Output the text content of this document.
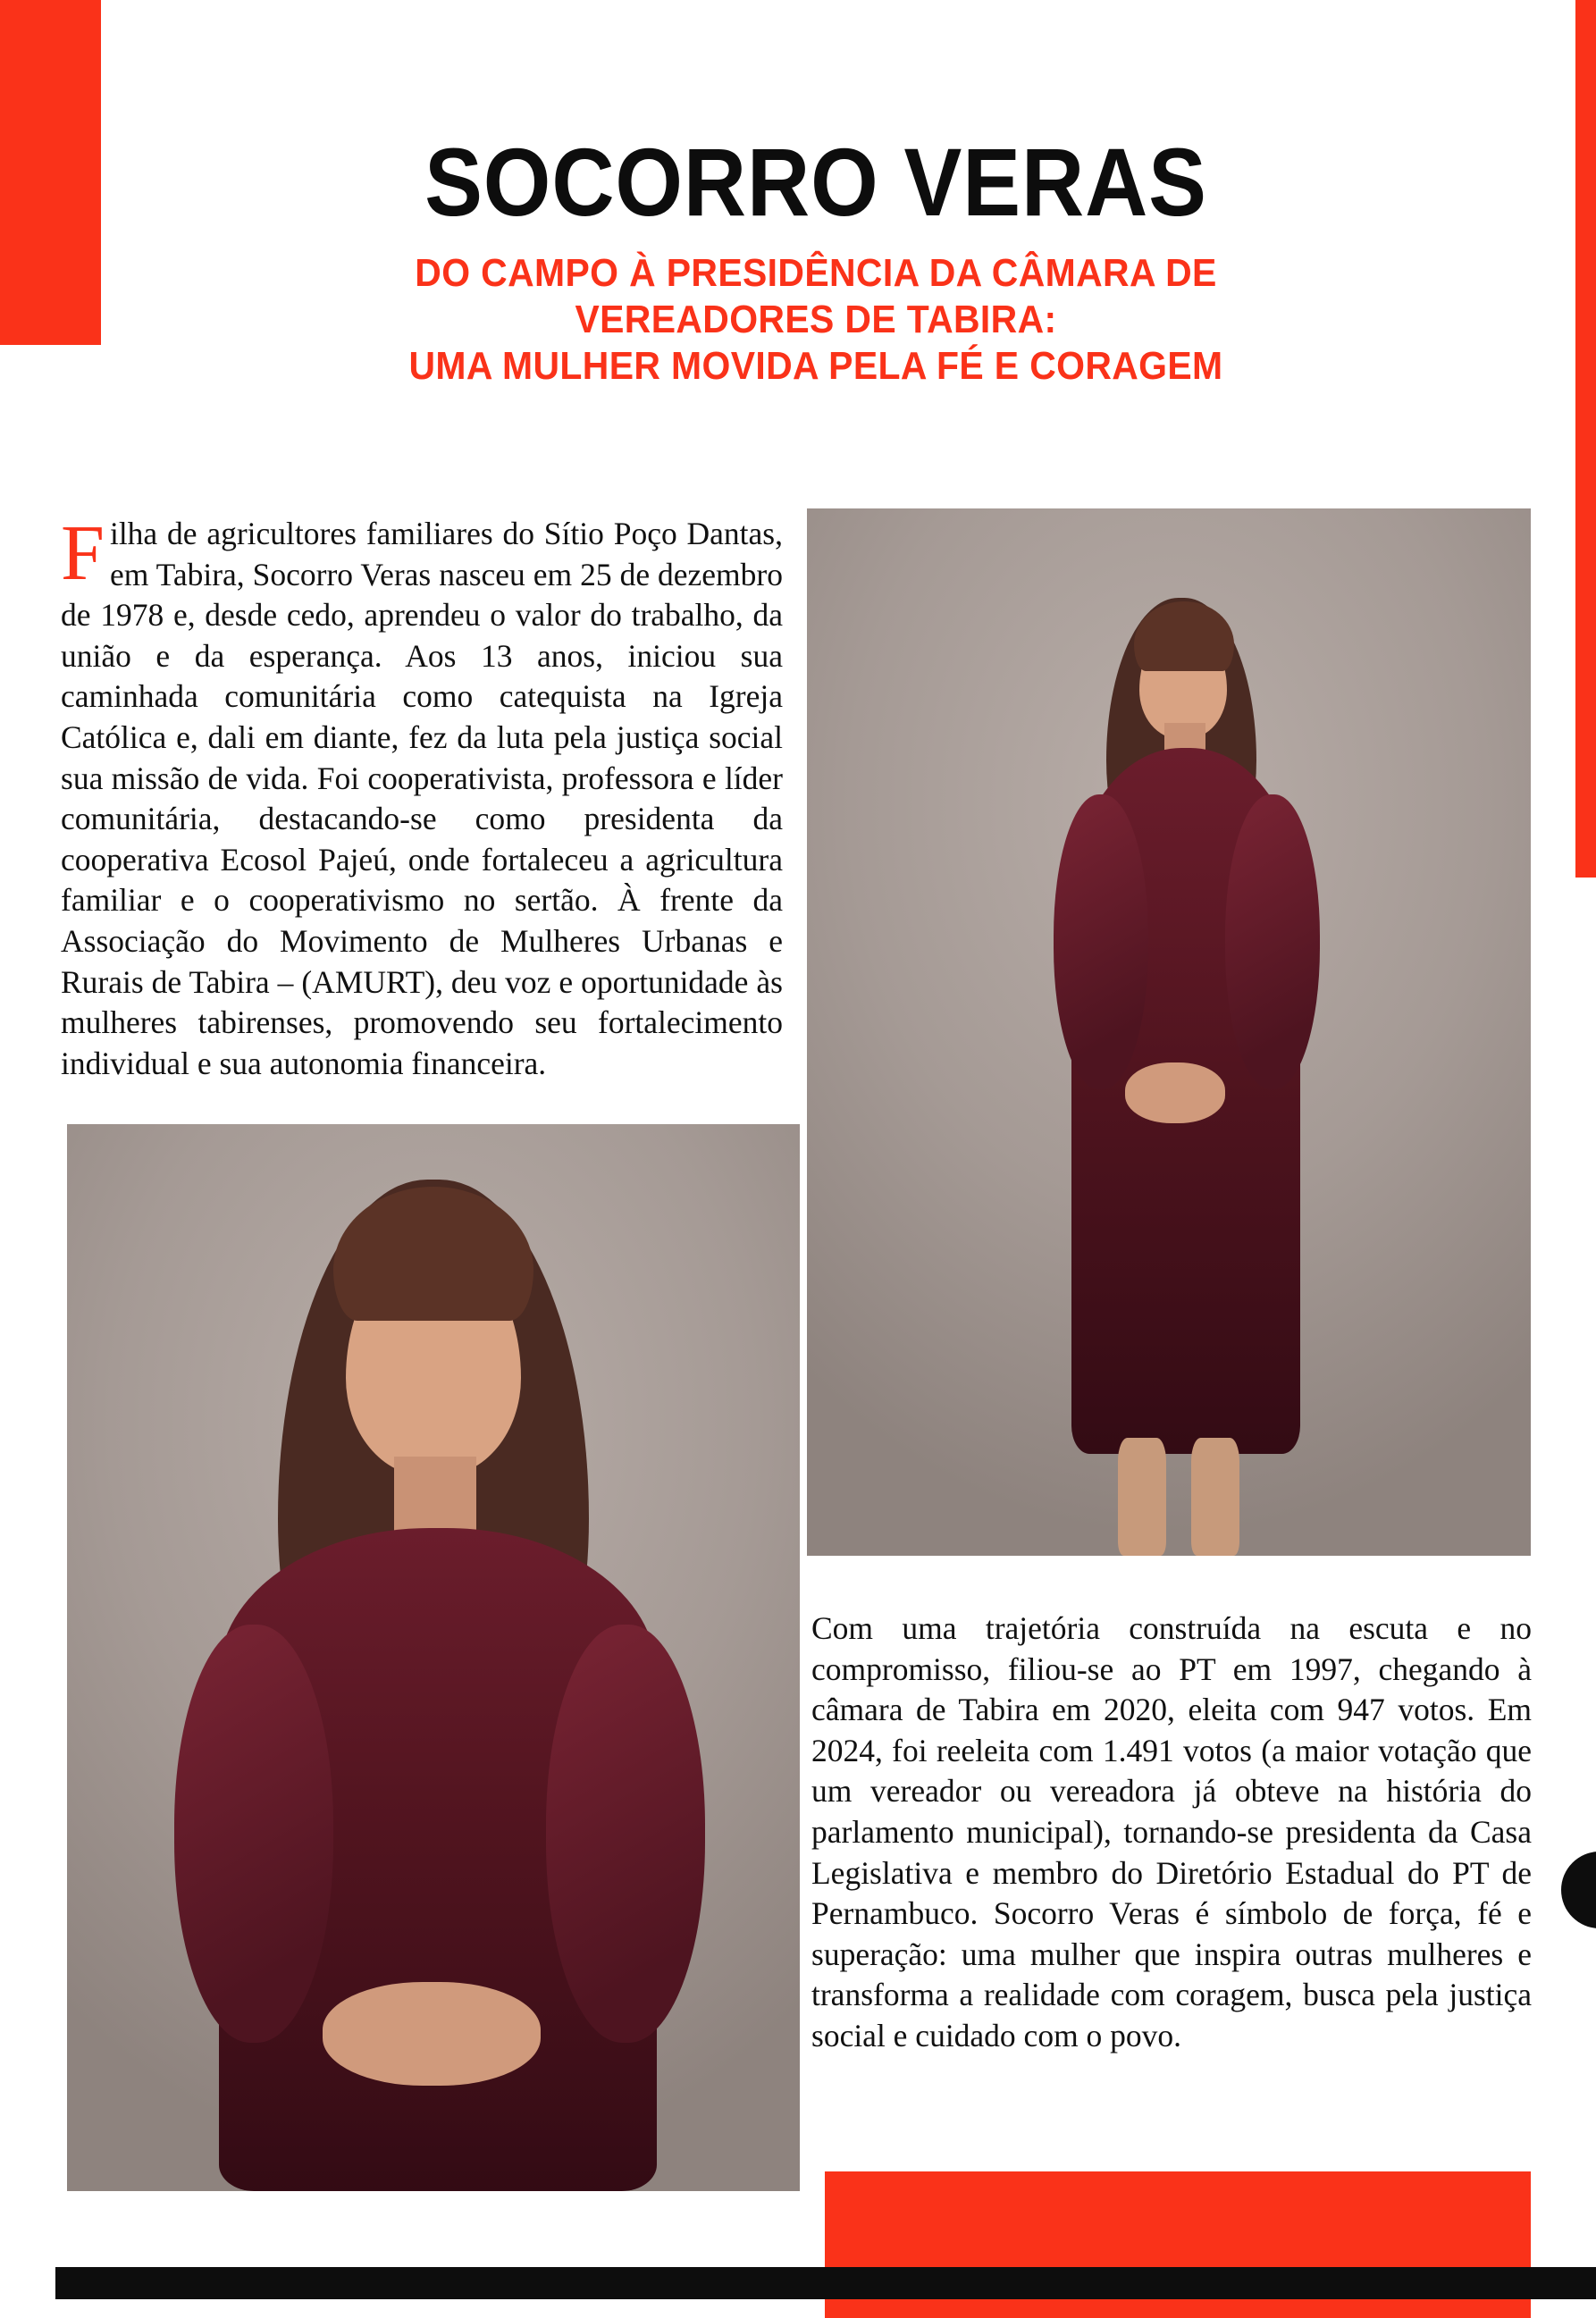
SOCORRO VERAS
DO CAMPO À PRESIDÊNCIA DA CÂMARA DE
VEREADORES DE TABIRA:
UMA MULHER MOVIDA PELA FÉ E CORAGEM
Filha de agricultores familiares do Sítio Poço Dantas, em Tabira, Socorro Veras nasceu em 25 de dezembro de 1978 e, desde cedo, aprendeu o valor do trabalho, da união e da esperança. Aos 13 anos, iniciou sua caminhada comunitária como catequista na Igreja Católica e, dali em diante, fez da luta pela justiça social sua missão de vida. Foi cooperativista, professora e líder comunitária, destacando-se como presidenta da cooperativa Ecosol Pajeú, onde fortaleceu a agricultura familiar e o cooperativismo no sertão. À frente da Associação do Movimento de Mulheres Urbanas e Rurais de Tabira – (AMURT), deu voz e oportunidade às mulheres tabirenses, promovendo seu fortalecimento individual e sua autonomia financeira.
Com uma trajetória construída na escuta e no compromisso, filiou-se ao PT em 1997, chegando à câmara de Tabira em 2020, eleita com 947 votos. Em 2024, foi reeleita com 1.491 votos (a maior votação que um vereador ou vereadora já obteve na história do parlamento municipal), tornando-se presidenta da Casa Legislativa e membro do Diretório Estadual do PT de Pernambuco. Socorro Veras é símbolo de força, fé e superação: uma mulher que inspira outras mulheres e transforma a realidade com coragem, busca pela justiça social e cuidado com o povo.
